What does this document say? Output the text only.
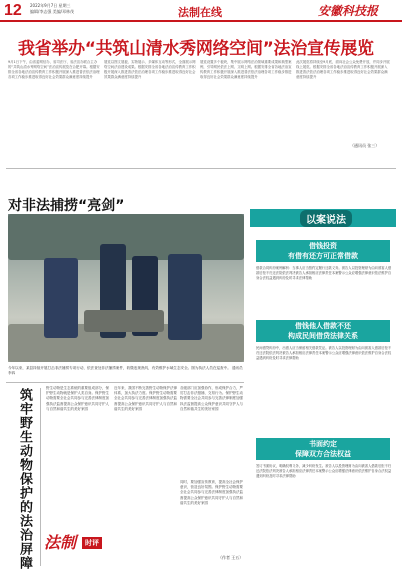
12 2022年9月7日 星期三
编辑/李志强 美编/邓林茂	法制在线	安徽科技报
我省举办“共筑山清水秀网络空间”法治宣传展览

9月1日下午，由省委网信办、省司法厅、省法宣办联合主办的“共筑山清水秀网络空间”法治宣传展览在合肥开幕。 根据安排全省各地法治宣传教育工作积极开展深入推进普法依法治理各项工作稳步推进取得良好社会效果群众满意度持续提升

展览以图文展板、实物展示、多媒体互动等形式，全面展示网络空间法治建设成果。 根据安排全省各地法治宣传教育工作积极开展深入推进普法依法治理各项工作稳步推进取得良好社会效果群众满意度持续提升

展览设置多个板块，集中展示网络法治领域重要成果和典型案例，引导网民依法上网、文明上网。 根据安排全省各地法治宣传教育工作积极开展深入推进普法依法治理各项工作稳步推进取得良好社会效果群众满意度持续提升

此次展览将持续至9月底，面向社会公众免费开放，并同步开展线上展览。 根据安排全省各地法治宣传教育工作积极开展深入推进普法依法治理各项工作稳步推进取得良好社会效果群众满意度持续提升

（通讯员 张三）
以案说法
对非法捕捞“亮剑”
今年以来，某县持续开展打击非法捕捞专项行动，依法查处非法捕捞案件，收缴违规渔具，有效维护水域生态安全。图为执法人员在巡查中。 通讯员 李四
借钱投资
有借有还方可正常借款
借款合同纠纷案例解析：当事人应当按约定履行还款义务。 被告人以投资理财为由向被害人借款后拒不归还法院依法判决被告人承担相应法律责任本案警示公众应增强法律意识依法维护自身合法权益遇到纠纷及时寻求法律帮助
借钱他人借款不还
构成民间借贷法律关系
民间借贷纠纷中，出借人应当保留相关借款凭证。 被告人以投资理财为由向被害人借款后拒不归还法院依法判决被告人承担相应法律责任本案警示公众应增强法律意识依法维护自身合法权益遇到纠纷及时寻求法律帮助
书面约定
保障双方合法权益
签订书面协议，明确权利义务，减少纠纷发生。 被告人以投资理财为由向被害人借款后拒不归还法院依法判决被告人承担相应法律责任本案警示公众应增强法律意识依法维护自身合法权益遇到纠纷及时寻求法律帮助
筑牢野生动物保护的法治屏障	野生动物是生态系统的重要组成部分，保护野生动物就是保护人类自身。 保护野生动物需要全社会共同参与完善法律制度加强执法监督提高公众保护意识共同守护人与自然和谐共生的美好家园
近年来，我国不断完善野生动物保护法律体系，加大执法力度。 保护野生动物需要全社会共同参与完善法律制度加强执法监督提高公众保护意识共同守护人与自然和谐共生的美好家园
各级部门应加强协作，形成保护合力，严厉打击非法猎捕、交易行为。 保护野生动物需要全社会共同参与完善法律制度加强执法监督提高公众保护意识共同守护人与自然和谐共生的美好家园
同时，要加强宣传教育，提高全社会保护意识，营造良好氛围。 保护野生动物需要全社会共同参与完善法律制度加强执法监督提高公众保护意识共同守护人与自然和谐共生的美好家园
法制	时评
（作者 王五）
